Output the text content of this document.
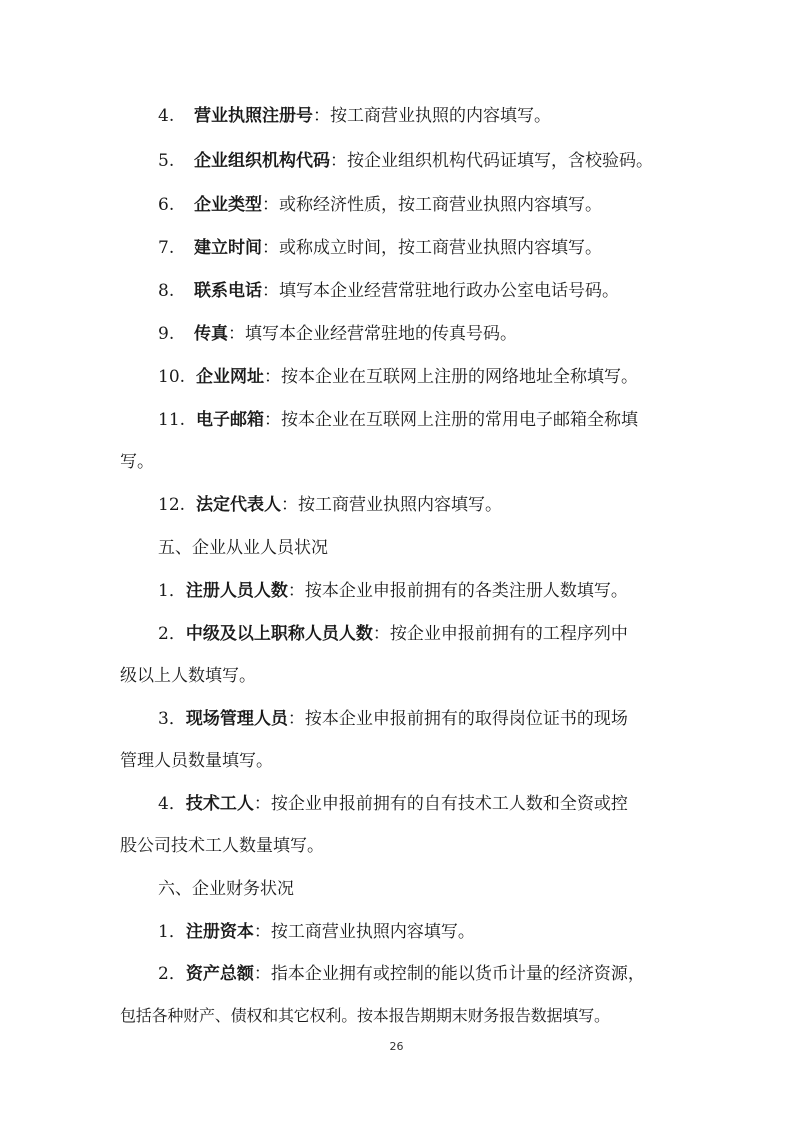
4. 营业执照注册号：按工商营业执照的内容填写。
5. 企业组织机构代码：按企业组织机构代码证填写，含校验码。
6. 企业类型：或称经济性质，按工商营业执照内容填写。
7. 建立时间：或称成立时间，按工商营业执照内容填写。
8. 联系电话：填写本企业经营常驻地行政办公室电话号码。
9. 传真：填写本企业经营常驻地的传真号码。
10. 企业网址：按本企业在互联网上注册的网络地址全称填写。
11. 电子邮箱：按本企业在互联网上注册的常用电子邮箱全称填
写。
12. 法定代表人：按工商营业执照内容填写。
五、企业从业人员状况
1．注册人员人数：按本企业申报前拥有的各类注册人数填写。
2．中级及以上职称人员人数：按企业申报前拥有的工程序列中
级以上人数填写。
3．现场管理人员：按本企业申报前拥有的取得岗位证书的现场
管理人员数量填写。
4．技术工人：按企业申报前拥有的自有技术工人数和全资或控
股公司技术工人数量填写。
六、企业财务状况
1．注册资本：按工商营业执照内容填写。
2．资产总额：指本企业拥有或控制的能以货币计量的经济资源，
包括各种财产、债权和其它权利。按本报告期期末财务报告数据填写。
26
